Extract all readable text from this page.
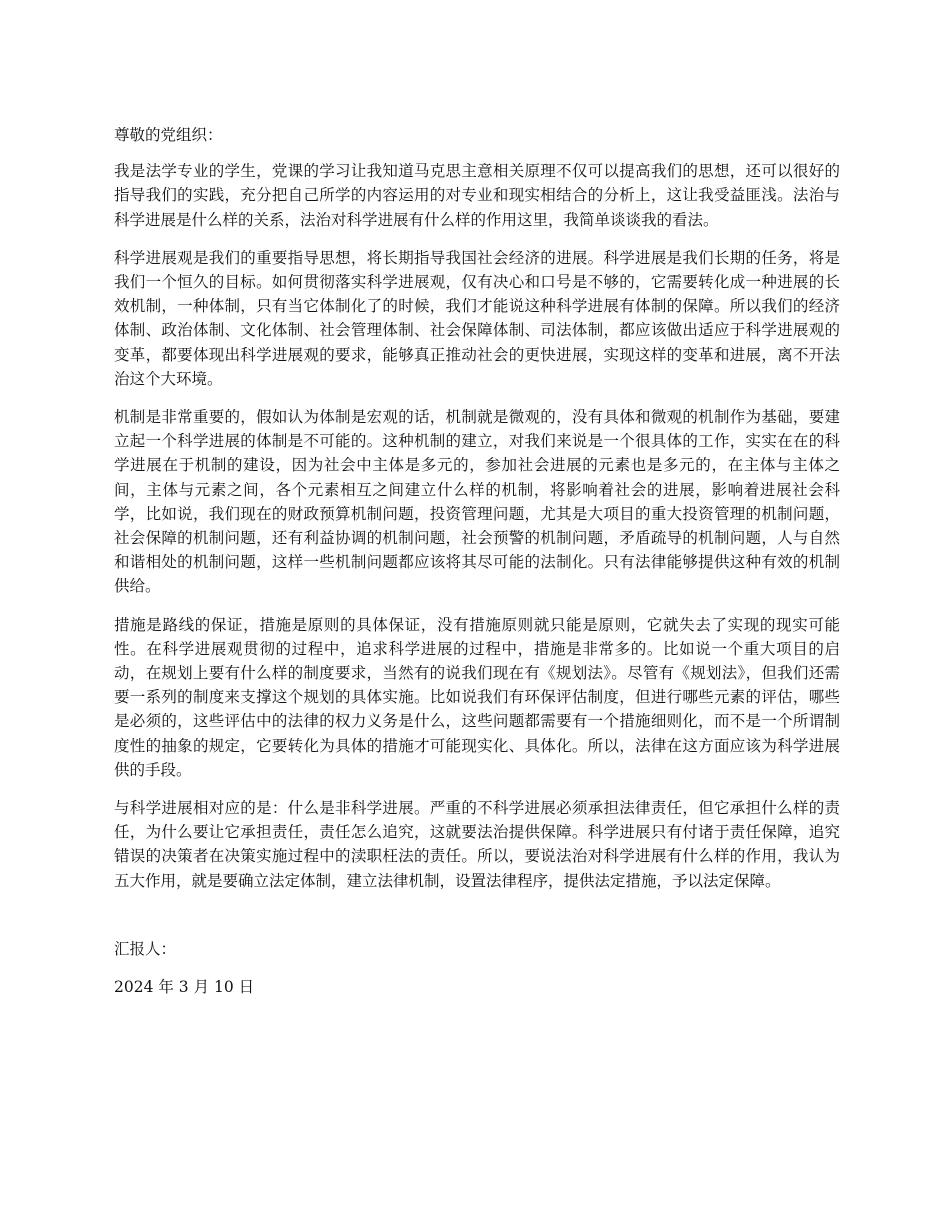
尊敬的党组织：

我是法学专业的学生，党课的学习让我知道马克思主意相关原理不仅可以提高我们的思想，还可以很好的指导我们的实践，充分把自己所学的内容运用的对专业和现实相结合的分析上，这让我受益匪浅。法治与科学进展是什么样的关系，法治对科学进展有什么样的作用这里，我简单谈谈我的看法。

科学进展观是我们的重要指导思想，将长期指导我国社会经济的进展。科学进展是我们长期的任务，将是我们一个恒久的目标。如何贯彻落实科学进展观，仅有决心和口号是不够的，它需要转化成一种进展的长效机制，一种体制，只有当它体制化了的时候，我们才能说这种科学进展有体制的保障。所以我们的经济体制、政治体制、文化体制、社会管理体制、社会保障体制、司法体制，都应该做出适应于科学进展观的变革，都要体现出科学进展观的要求，能够真正推动社会的更快进展，实现这样的变革和进展，离不开法治这个大环境。

机制是非常重要的，假如认为体制是宏观的话，机制就是微观的，没有具体和微观的机制作为基础，要建立起一个科学进展的体制是不可能的。这种机制的建立，对我们来说是一个很具体的工作，实实在在的科学进展在于机制的建设，因为社会中主体是多元的，参加社会进展的元素也是多元的，在主体与主体之间，主体与元素之间，各个元素相互之间建立什么样的机制，将影响着社会的进展，影响着进展社会科学，比如说，我们现在的财政预算机制问题，投资管理问题，尤其是大项目的重大投资管理的机制问题，社会保障的机制问题，还有利益协调的机制问题，社会预警的机制问题，矛盾疏导的机制问题，人与自然和谐相处的机制问题，这样一些机制问题都应该将其尽可能的法制化。只有法律能够提供这种有效的机制供给。

措施是路线的保证，措施是原则的具体保证，没有措施原则就只能是原则，它就失去了实现的现实可能性。在科学进展观贯彻的过程中，追求科学进展的过程中，措施是非常多的。比如说一个重大项目的启动，在规划上要有什么样的制度要求，当然有的说我们现在有《规划法》。尽管有《规划法》，但我们还需要一系列的制度来支撑这个规划的具体实施。比如说我们有环保评估制度，但进行哪些元素的评估，哪些是必须的，这些评估中的法律的权力义务是什么，这些问题都需要有一个措施细则化，而不是一个所谓制度性的抽象的规定，它要转化为具体的措施才可能现实化、具体化。所以，法律在这方面应该为科学进展供的手段。

与科学进展相对应的是：什么是非科学进展。严重的不科学进展必须承担法律责任，但它承担什么样的责任，为什么要让它承担责任，责任怎么追究，这就要法治提供保障。科学进展只有付诸于责任保障，追究错误的决策者在决策实施过程中的渎职枉法的责任。所以，要说法治对科学进展有什么样的作用，我认为五大作用，就是要确立法定体制，建立法律机制，设置法律程序，提供法定措施，予以法定保障。

汇报人：

2024 年 3 月 10 日
